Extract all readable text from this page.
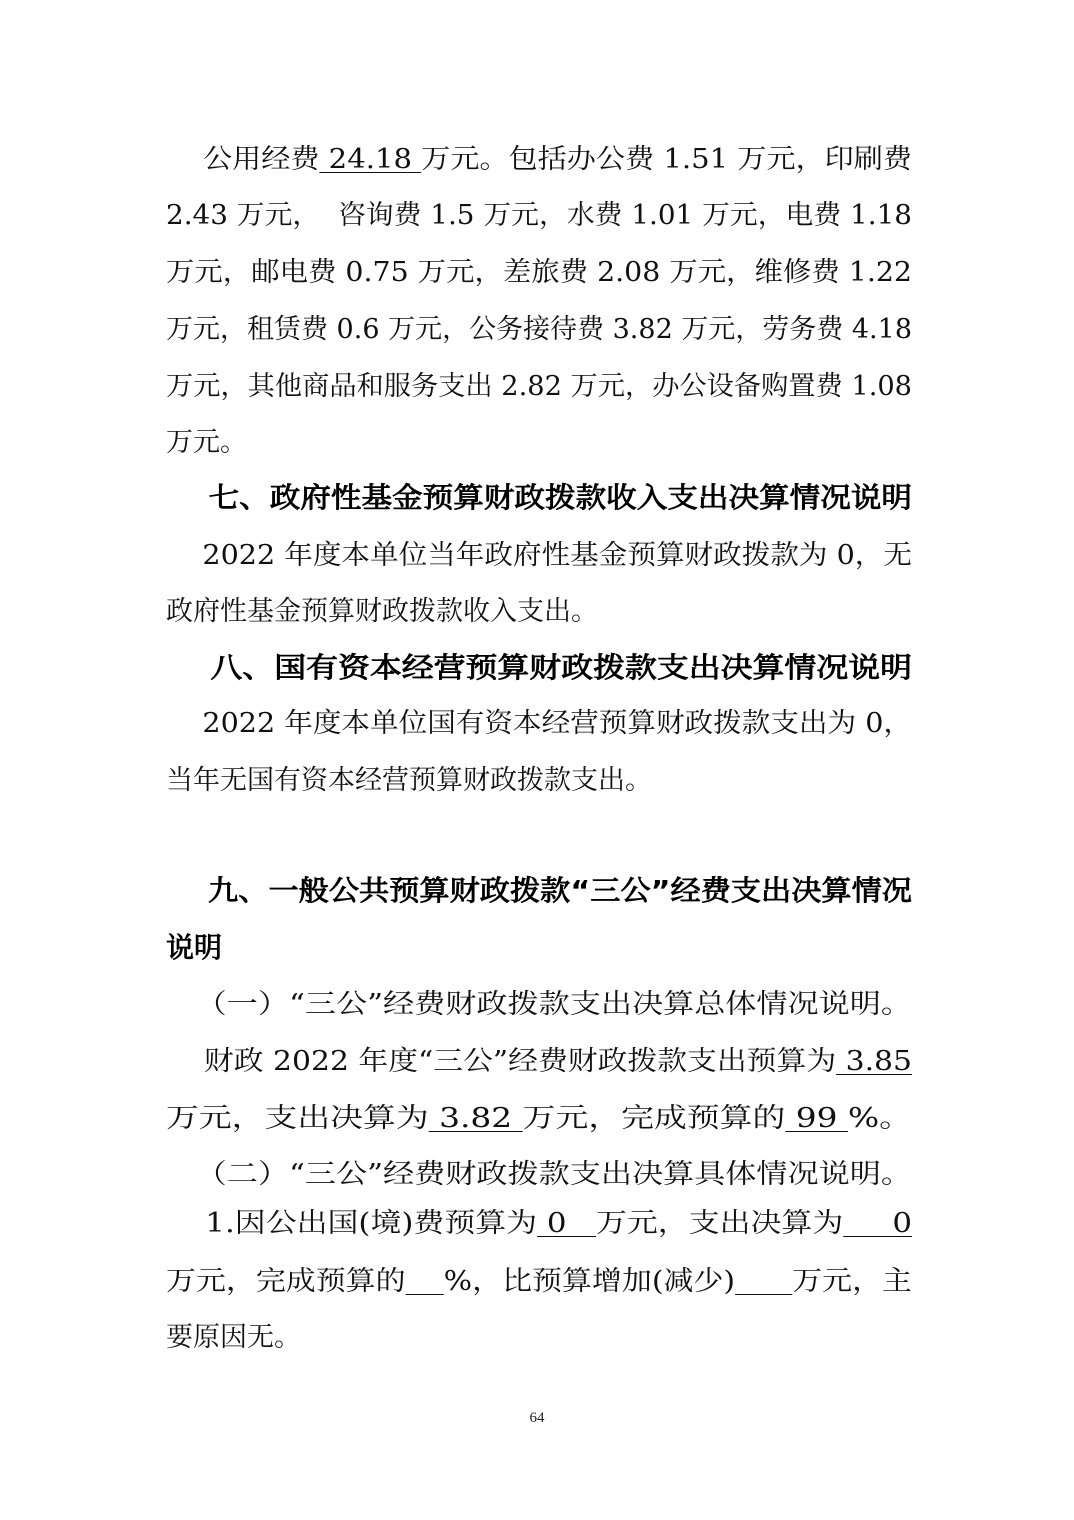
公用经费 24.18 万元。包括办公费 1.51 万元，印刷费

2.43 万元，  咨询费 1.5 万元，水费 1.01 万元，电费 1.18

万元，邮电费 0.75 万元，差旅费 2.08 万元，维修费 1.22

万元，租赁费 0.6 万元，公务接待费 3.82 万元，劳务费 4.18

万元，其他商品和服务支出 2.82 万元，办公设备购置费 1.08

万元。

七、政府性基金预算财政拨款收入支出决算情况说明

2022 年度本单位当年政府性基金预算财政拨款为 0，无

政府性基金预算财政拨款收入支出。

八、国有资本经营预算财政拨款支出决算情况说明

2022 年度本单位国有资本经营预算财政拨款支出为 0，

当年无国有资本经营预算财政拨款支出。

九、一般公共预算财政拨款“三公”经费支出决算情况

说明

（一）“三公”经费财政拨款支出决算总体情况说明。

财政 2022 年度“三公”经费财政拨款支出预算为 3.85

万元，支出决算为 3.82 万元，完成预算的 99 %。

（二）“三公”经费财政拨款支出决算具体情况说明。

1.因公出国(境)费预算为 0   万元，支出决算为     0

万元，完成预算的 %，比预算增加(减少) 万元，主

要原因无。

64
